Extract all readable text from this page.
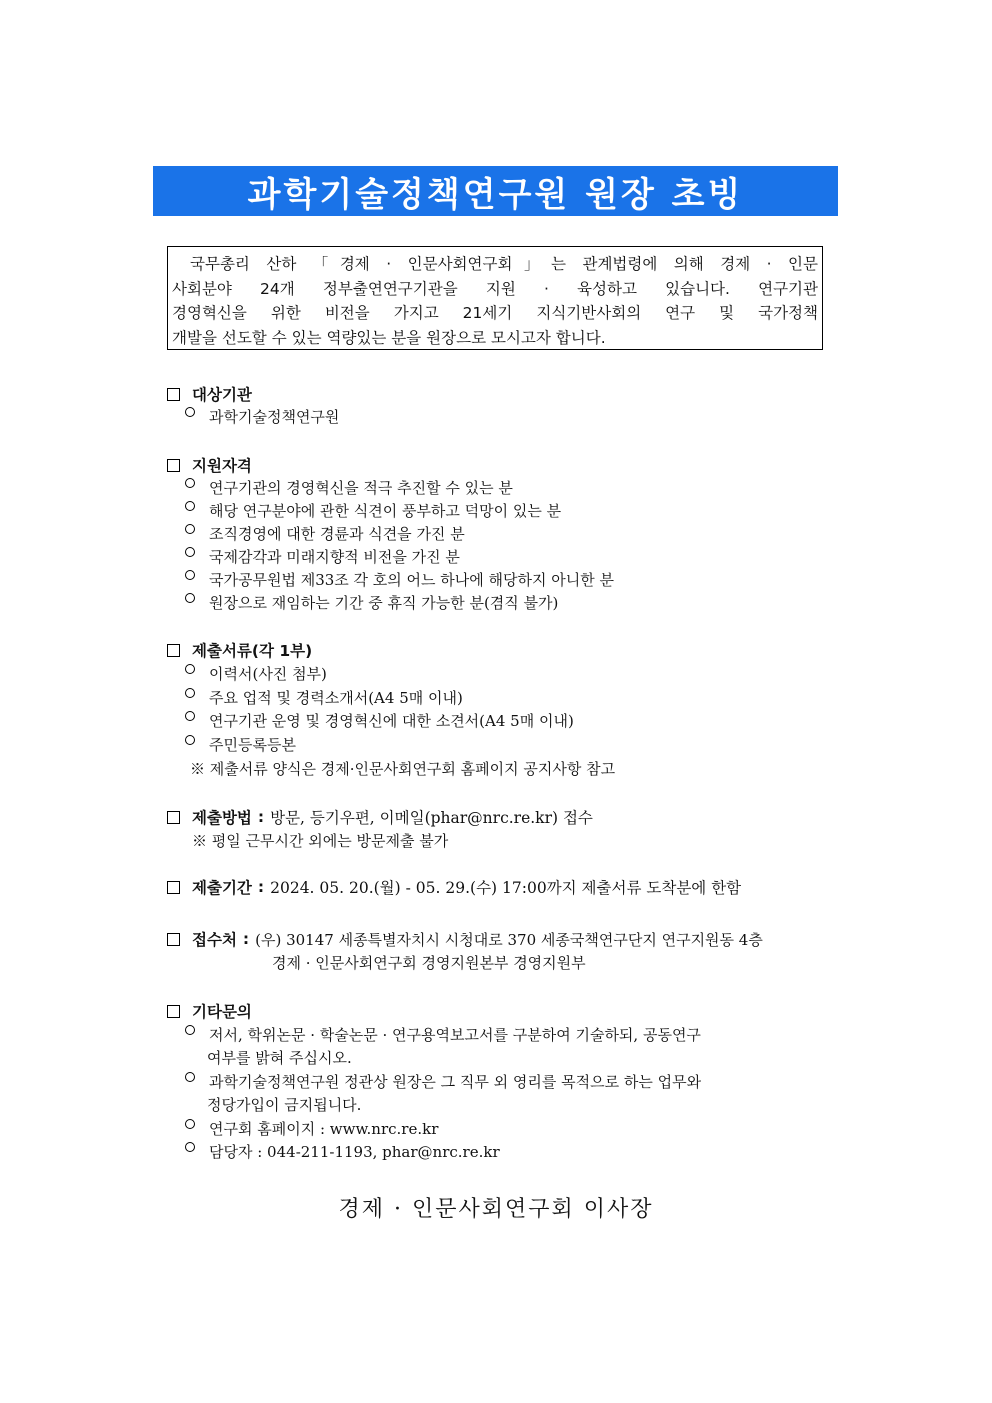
과학기술정책연구원 원장 초빙
국무총리 산하 「경제 · 인문사회연구회」는 관계법령에 의해 경제 · 인문
사회분야 24개 정부출연연구기관을 지원 · 육성하고 있습니다. 연구기관
경영혁신을 위한 비전을 가지고 21세기 지식기반사회의 연구 및 국가정책
개발을 선도할 수 있는 역량있는 분을 원장으로 모시고자 합니다.
대상기관
과학기술정책연구원
지원자격
연구기관의 경영혁신을 적극 추진할 수 있는 분
해당 연구분야에 관한 식견이 풍부하고 덕망이 있는 분
조직경영에 대한 경륜과 식견을 가진 분
국제감각과 미래지향적 비전을 가진 분
국가공무원법 제33조 각 호의 어느 하나에 해당하지 아니한 분
원장으로 재임하는 기간 중 휴직 가능한 분(겸직 불가)
제출서류(각 1부)
이력서(사진 첨부)
주요 업적 및 경력소개서(A4 5매 이내)
연구기관 운영 및 경영혁신에 대한 소견서(A4 5매 이내)
주민등록등본
※ 제출서류 양식은 경제·인문사회연구회 홈페이지 공지사항 참고
제출방법 : 방문, 등기우편, 이메일(phar@nrc.re.kr) 접수
※ 평일 근무시간 외에는 방문제출 불가
제출기간 : 2024. 05. 20.(월) - 05. 29.(수) 17:00까지 제출서류 도착분에 한함
접수처 : (우) 30147 세종특별자치시 시청대로 370 세종국책연구단지 연구지원동 4층
경제 · 인문사회연구회 경영지원본부 경영지원부
기타문의
저서, 학위논문 · 학술논문 · 연구용역보고서를 구분하여 기술하되, 공동연구
여부를 밝혀 주십시오.
과학기술정책연구원 정관상 원장은 그 직무 외 영리를 목적으로 하는 업무와
정당가입이 금지됩니다.
연구회 홈페이지 : www.nrc.re.kr
담당자 : 044-211-1193, phar@nrc.re.kr
경제 · 인문사회연구회 이사장
